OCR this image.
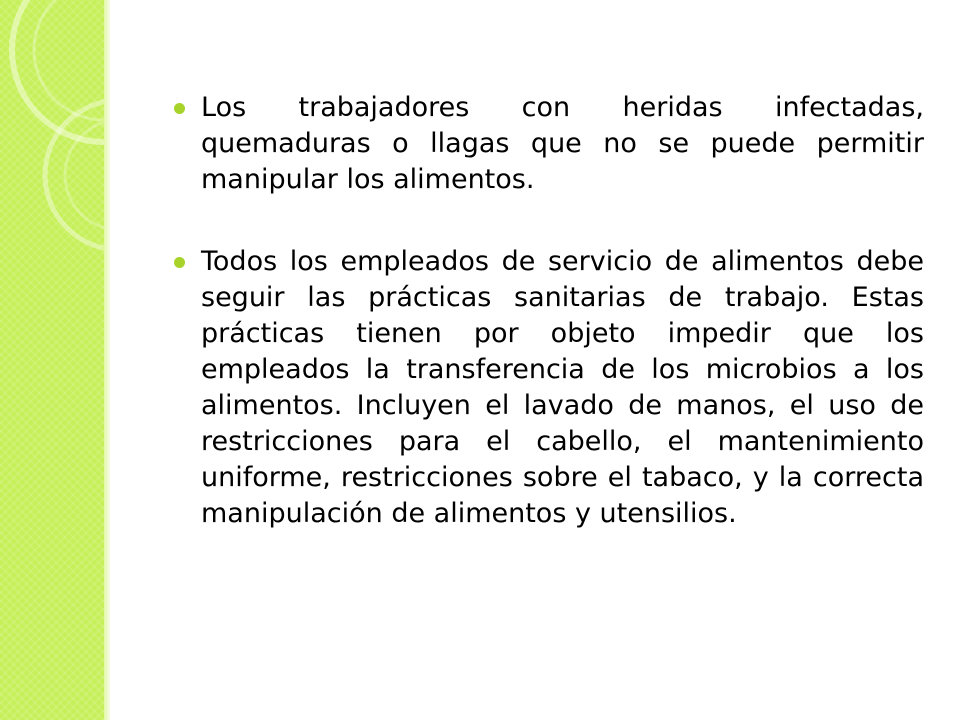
Los trabajadores con heridas infectadas, quemaduras o llagas que no se puede permitir manipular los alimentos.
Todos los empleados de servicio de alimentos debe seguir las prácticas sanitarias de trabajo. Estas prácticas tienen por objeto impedir que los empleados la transferencia de los microbios a los alimentos. Incluyen el lavado de manos, el uso de restricciones para el cabello, el mantenimiento uniforme, restricciones sobre el tabaco, y la correcta manipulación de alimentos y utensilios.
